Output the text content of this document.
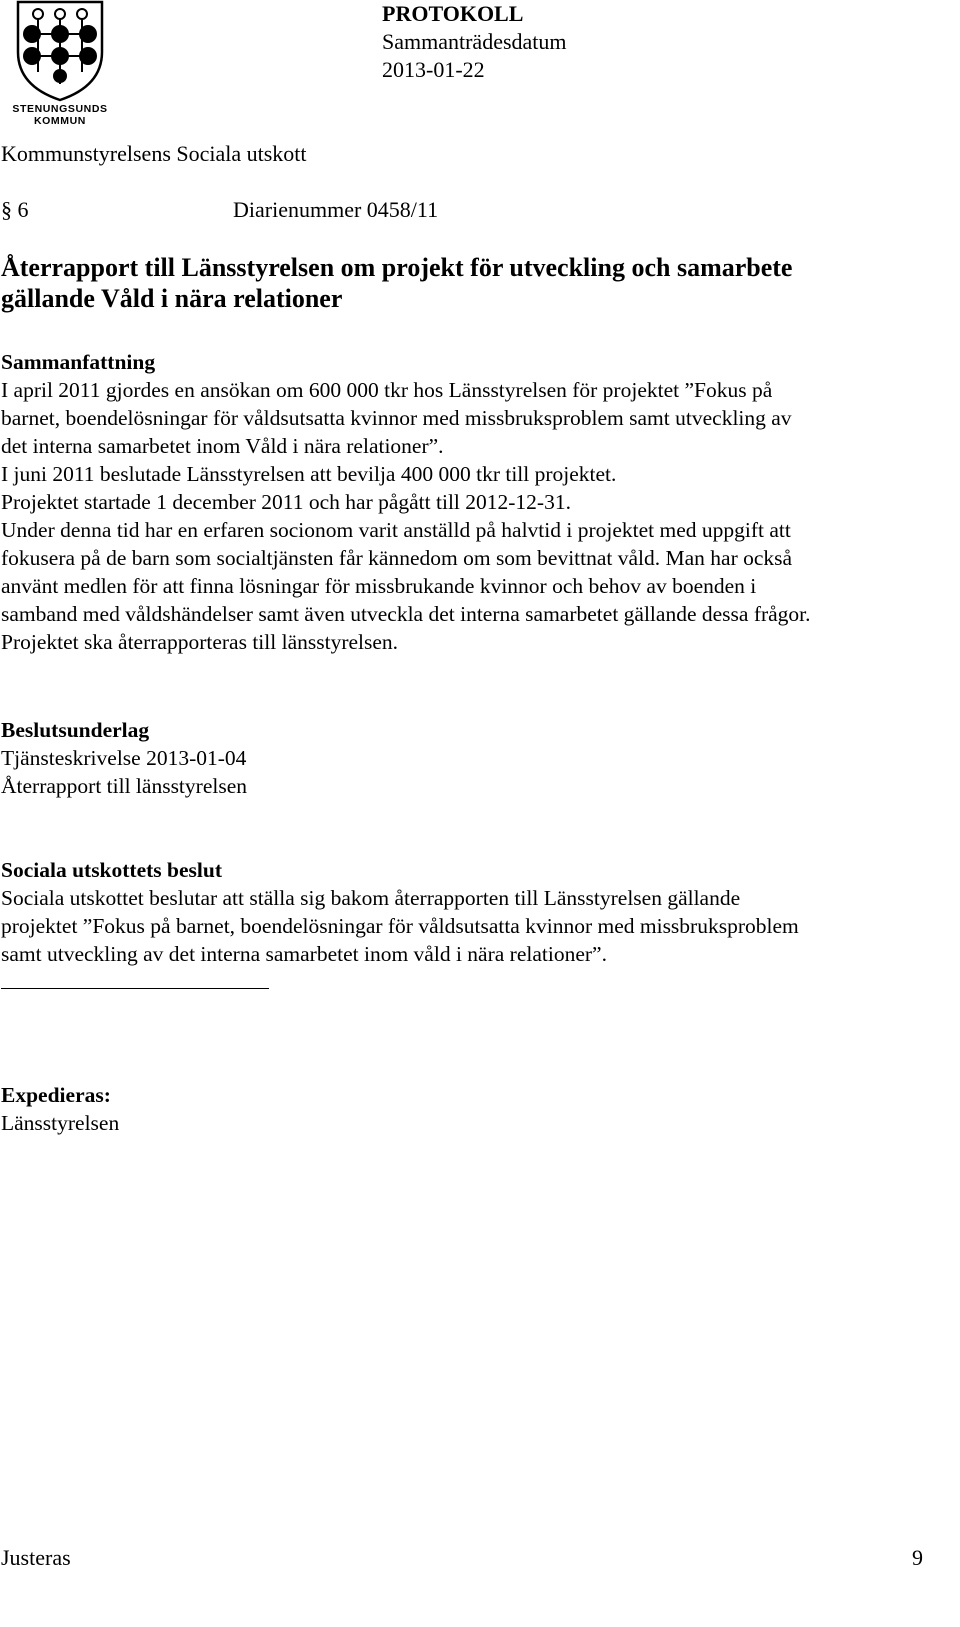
STENUNGSUNDS
KOMMUN
PROTOKOLL
Sammanträdesdatum
2013-01-22
Kommunstyrelsens Sociala utskott
§ 6	Diarienummer 0458/11
Återrapport till Länsstyrelsen om projekt för utveckling och samarbete
gällande Våld i nära relationer
Sammanfattning
I april 2011 gjordes en ansökan om 600 000 tkr hos Länsstyrelsen för projektet ”Fokus på
barnet, boendelösningar för våldsutsatta kvinnor med missbruksproblem samt utveckling av
det interna samarbetet inom Våld i nära relationer”.
I juni 2011 beslutade Länsstyrelsen att bevilja 400 000 tkr till projektet.
Projektet startade 1 december 2011 och har pågått till 2012-12-31.
Under denna tid har en erfaren socionom varit anställd på halvtid i projektet med uppgift att
fokusera på de barn som socialtjänsten får kännedom om som bevittnat våld. Man har också
använt medlen för att finna lösningar för missbrukande kvinnor och behov av boenden i
samband med våldshändelser samt även utveckla det interna samarbetet gällande dessa frågor.
Projektet ska återrapporteras till länsstyrelsen.
Beslutsunderlag
Tjänsteskrivelse 2013-01-04
Återrapport till länsstyrelsen
Sociala utskottets beslut
Sociala utskottet beslutar att ställa sig bakom återrapporten till Länsstyrelsen gällande
projektet ”Fokus på barnet, boendelösningar för våldsutsatta kvinnor med missbruksproblem
samt utveckling av det interna samarbetet inom våld i nära relationer”.
Expedieras:
Länsstyrelsen
Justeras	9
